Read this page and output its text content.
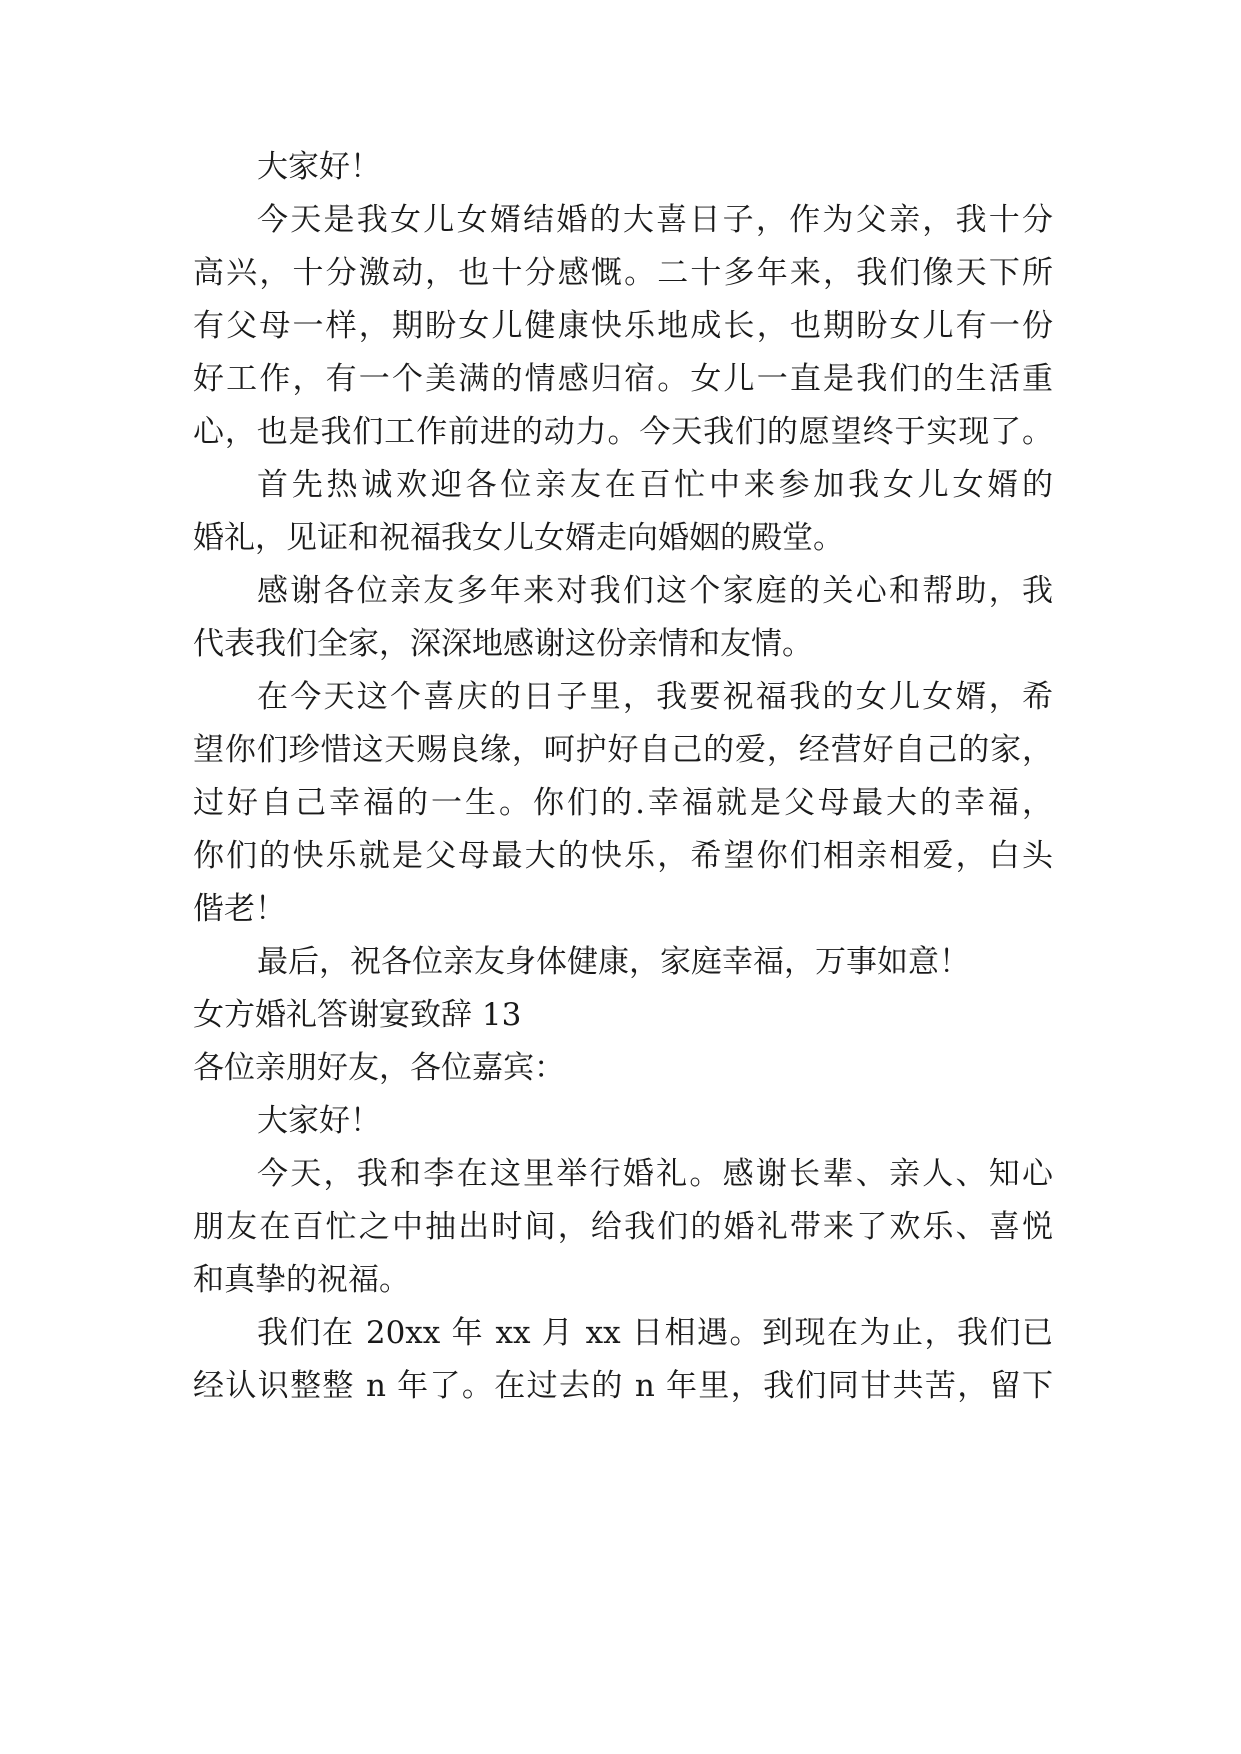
大家好！

今天是我女儿女婿结婚的大喜日子，作为父亲，我十分

高兴，十分激动，也十分感慨。二十多年来，我们像天下所

有父母一样，期盼女儿健康快乐地成长，也期盼女儿有一份

好工作，有一个美满的情感归宿。女儿一直是我们的生活重

心，也是我们工作前进的动力。今天我们的愿望终于实现了。

首先热诚欢迎各位亲友在百忙中来参加我女儿女婿的

婚礼，见证和祝福我女儿女婿走向婚姻的殿堂。

感谢各位亲友多年来对我们这个家庭的关心和帮助，我

代表我们全家，深深地感谢这份亲情和友情。

在今天这个喜庆的日子里，我要祝福我的女儿女婿，希

望你们珍惜这天赐良缘，呵护好自己的爱，经营好自己的家，

过好自己幸福的一生。你们的.幸福就是父母最大的幸福，

你们的快乐就是父母最大的快乐，希望你们相亲相爱，白头

偕老！

最后，祝各位亲友身体健康，家庭幸福，万事如意！

女方婚礼答谢宴致辞 13

各位亲朋好友，各位嘉宾：

大家好！

今天，我和李在这里举行婚礼。感谢长辈、亲人、知心

朋友在百忙之中抽出时间，给我们的婚礼带来了欢乐、喜悦

和真挚的祝福。

我们在 20xx 年 xx 月 xx 日相遇。到现在为止，我们已

经认识整整 n 年了。在过去的 n 年里，我们同甘共苦，留下
